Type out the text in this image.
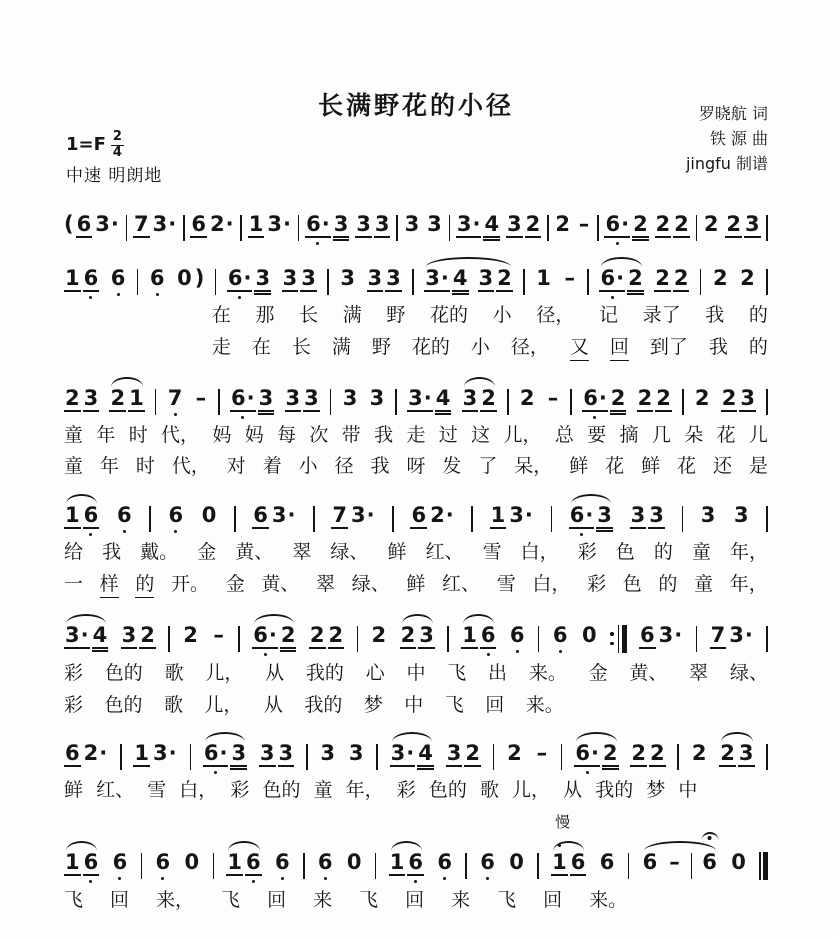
长满野花的小径	罗晓航 词
铁 源 曲
jingfu 制谱
$1=F \frac{2}{4}$
中速 明朗地
( 6 3· 7 3· 6 2· 1 3· 6· 3 3 3 3 3 3· 4 3 2 2 – 6· 2 2 2 2 2 3
1 6 6 6 0 ) 6· 3 3 3 3 3 3 3· 4 3 2 1 – 6· 2 2 2 2 2
在 那 长 满 野 花的 小 径， 记 录了 我 的
走 在 长 满 野 花的 小 径， 又 回 到了 我 的
2 3 2 1 7 – 6· 3 3 3 3 3 3· 4 3 2 2 – 6· 2 2 2 2 2 3
童 年 时 代， 妈 妈 每 次 带 我 走 过 这 儿， 总 要 摘 几 朵 花 儿
童 年 时 代， 对 着 小 径 我 呀 发 了 呆， 鲜 花 鲜 花 还 是
1 6 6 6 0 6 3· 7 3· 6 2· 1 3· 6· 3 3 3 3 3
给 我 戴。 金 黄、 翠 绿、 鲜 红、 雪 白， 彩 色 的 童 年，
一 样 的 开。 金 黄、 翠 绿、 鲜 红、 雪 白， 彩 色 的 童 年，
3· 4 3 2 2 – 6· 2 2 2 2 2 3 1 6 6 6 0 6 3· 7 3·
彩 色的 歌 儿， 从 我的 心 中 飞 出 来。 金 黄、 翠 绿、
彩 色的 歌 儿， 从 我的 梦 中 飞 回 来。
6 2· 1 3· 6· 3 3 3 3 3 3· 4 3 2 2 – 6· 2 2 2 2 2 3
鲜 红、 雪 白， 彩 色的 童 年， 彩 色的 歌 儿， 从 我的 梦 中
1 6 6 6 0 1 6 6 6 0 1 6 6 6 0 1 6
慢
6 6 – 6 0
飞 回 来， 飞 回 来 飞 回 来 飞 回 来。
